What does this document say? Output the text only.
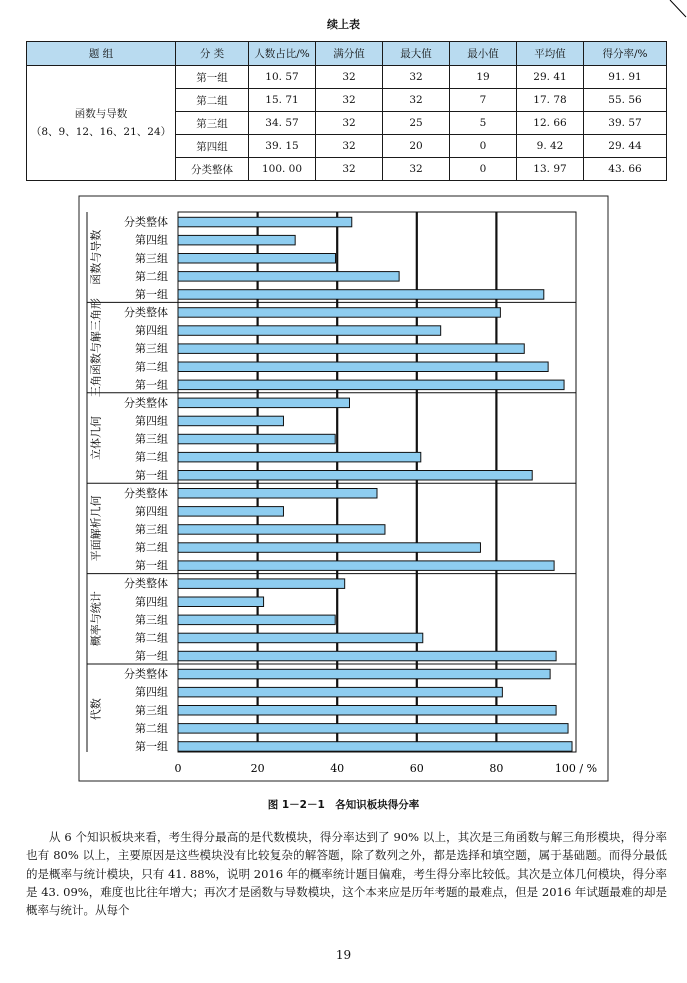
续上表
题 组	分 类	人数占比/%	满分值	最大值	最小值	平均值	得分率/%

函数与导数
（8、9、12、16、21、24）	第一组	10. 57	32	32	19	29. 41	91. 91
	第二组	15. 71	32	32	7	17. 78	55. 56
	第三组	34. 57	32	25	5	12. 66	39. 57
	第四组	39. 15	32	20	0	9. 42	29. 44
	分类整体	100. 00	32	32	0	13. 97	43. 66
函数与导数
分类整体
第四组
第三组
第二组
第一组
三角函数与解三角形 分类整体
第四组
第三组
第二组
第一组
立体几何
分类整体
第四组
第三组
第二组
第一组
平面解析几何
分类整体
第四组
第三组
第二组
第一组
概率与统计
分类整体
第四组
第三组
第二组
第一组
代数
分类整体
第四组
第三组
第二组
第一组
0	20	40	60	80	100 / %
图 1－2－1　各知识板块得分率

从 6 个知识板块来看，考生得分最高的是代数模块，得分率达到了 90% 以上，其次是三角函数与解三角形模块，得分率也有 80% 以上，主要原因是这些模块没有比较复杂的解答题，除了数列之外，都是选择和填空题，属于基础题。而得分最低的是概率与统计模块，只有 41. 88%，说明 2016 年的概率统计题目偏难，考生得分率比较低。其次是立体几何模块，得分率是 43. 09%，难度也比往年增大；再次才是函数与导数模块，这个本来应是历年考题的最难点，但是 2016 年试题最难的却是概率与统计。从每个

19
